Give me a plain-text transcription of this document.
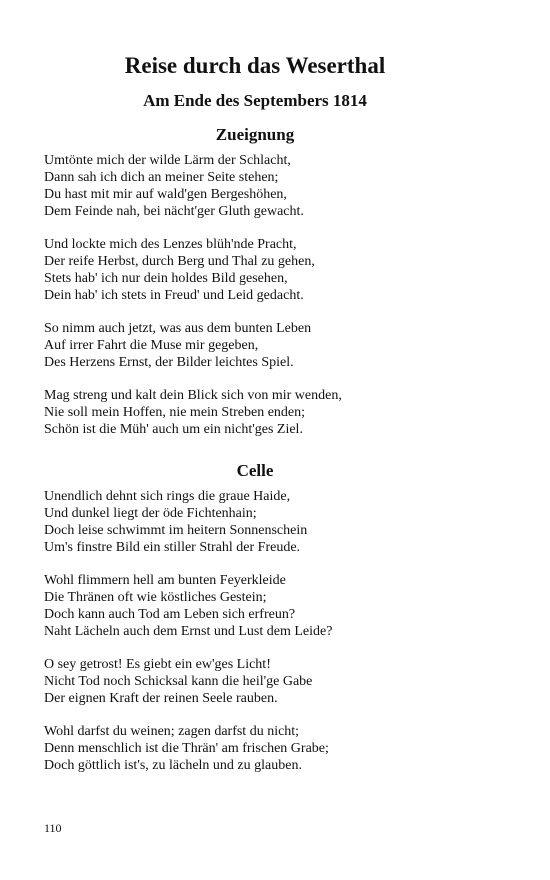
Reise durch das Weserthal
Am Ende des Septembers 1814
Zueignung
Umtönte mich der wilde Lärm der Schlacht,
Dann sah ich dich an meiner Seite stehen;
Du hast mit mir auf wald'gen Bergeshöhen,
Dem Feinde nah, bei nächt'ger Gluth gewacht.
Und lockte mich des Lenzes blüh'nde Pracht,
Der reife Herbst, durch Berg und Thal zu gehen,
Stets hab' ich nur dein holdes Bild gesehen,
Dein hab' ich stets in Freud' und Leid gedacht.
So nimm auch jetzt, was aus dem bunten Leben
Auf irrer Fahrt die Muse mir gegeben,
Des Herzens Ernst, der Bilder leichtes Spiel.
Mag streng und kalt dein Blick sich von mir wenden,
Nie soll mein Hoffen, nie mein Streben enden;
Schön ist die Müh' auch um ein nicht'ges Ziel.
Celle
Unendlich dehnt sich rings die graue Haide,
Und dunkel liegt der öde Fichtenhain;
Doch leise schwimmt im heitern Sonnenschein
Um's finstre Bild ein stiller Strahl der Freude.
Wohl flimmern hell am bunten Feyerkleide
Die Thränen oft wie köstliches Gestein;
Doch kann auch Tod am Leben sich erfreun?
Naht Lächeln auch dem Ernst und Lust dem Leide?
O sey getrost! Es giebt ein ew'ges Licht!
Nicht Tod noch Schicksal kann die heil'ge Gabe
Der eignen Kraft der reinen Seele rauben.
Wohl darfst du weinen; zagen darfst du nicht;
Denn menschlich ist die Thrän' am frischen Grabe;
Doch göttlich ist's, zu lächeln und zu glauben.
110
